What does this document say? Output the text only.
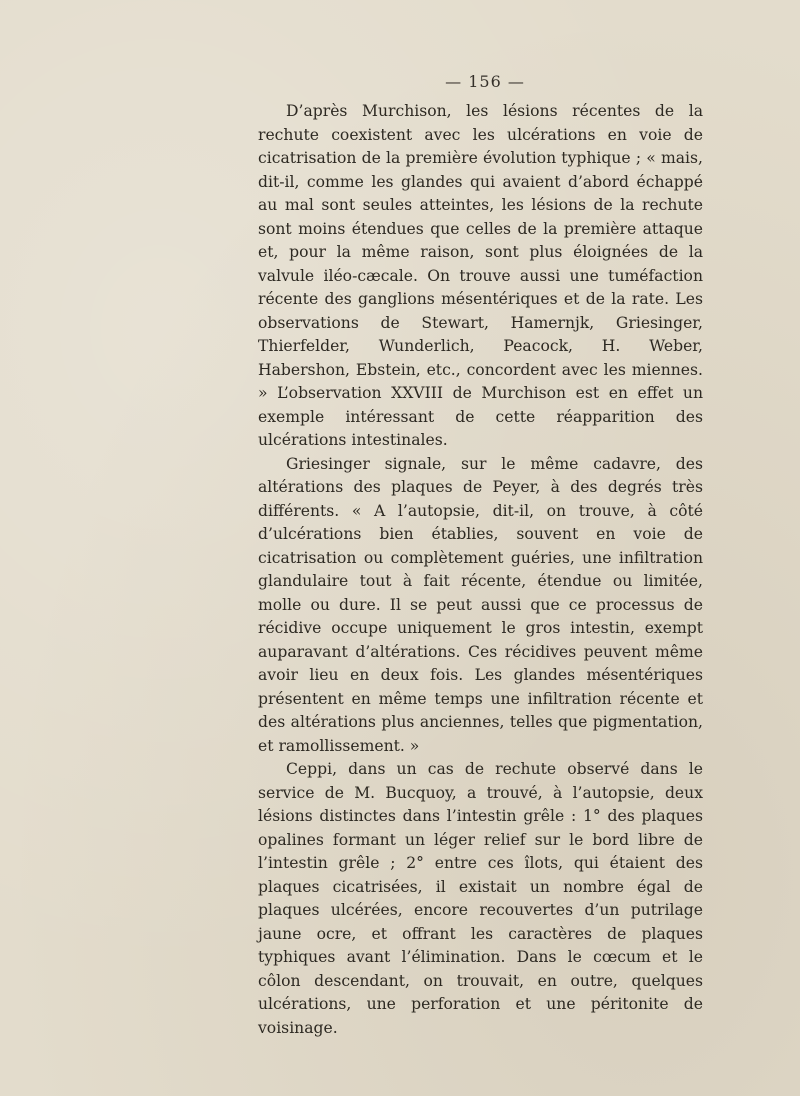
— 156 —

D’après Murchison, les lésions récentes de la rechute coexistent avec les ulcérations en voie de cicatrisation de la première évolution typhique ; « mais, dit-il, comme les glandes qui avaient d’abord échappé au mal sont seules atteintes, les lésions de la rechute sont moins étendues que celles de la première attaque et, pour la même raison, sont plus éloignées de la valvule iléo-cæcale. On trouve aussi une tuméfaction récente des ganglions mésentériques et de la rate. Les observations de Stewart, Hamernjk, Griesinger, Thierfelder, Wunderlich, Peacock, H. Weber, Habershon, Ebstein, etc., concordent avec les miennes. » L’observation XXVIII de Murchison est en effet un exemple intéressant de cette réapparition des ulcérations intestinales.

Griesinger signale, sur le même cadavre, des altérations des plaques de Peyer, à des degrés très différents. « A l’autopsie, dit-il, on trouve, à côté d’ulcérations bien établies, souvent en voie de cicatrisation ou complètement guéries, une infiltration glandulaire tout à fait récente, étendue ou limitée, molle ou dure. Il se peut aussi que ce processus de récidive occupe uniquement le gros intestin, exempt auparavant d’altérations. Ces récidives peuvent même avoir lieu en deux fois. Les glandes mésentériques présentent en même temps une infiltration récente et des altérations plus anciennes, telles que pigmentation, et ramollissement. »

Ceppi, dans un cas de rechute observé dans le service de M. Bucquoy, a trouvé, à l’autopsie, deux lésions distinctes dans l’intestin grêle : 1° des plaques opalines formant un léger relief sur le bord libre de l’intestin grêle ; 2° entre ces îlots, qui étaient des plaques cicatrisées, il existait un nombre égal de plaques ulcérées, encore recouvertes d’un putrilage jaune ocre, et offrant les caractères de plaques typhiques avant l’élimination. Dans le cœcum et le côlon descendant, on trouvait, en outre, quelques ulcérations, une perforation et une péritonite de voisinage.
